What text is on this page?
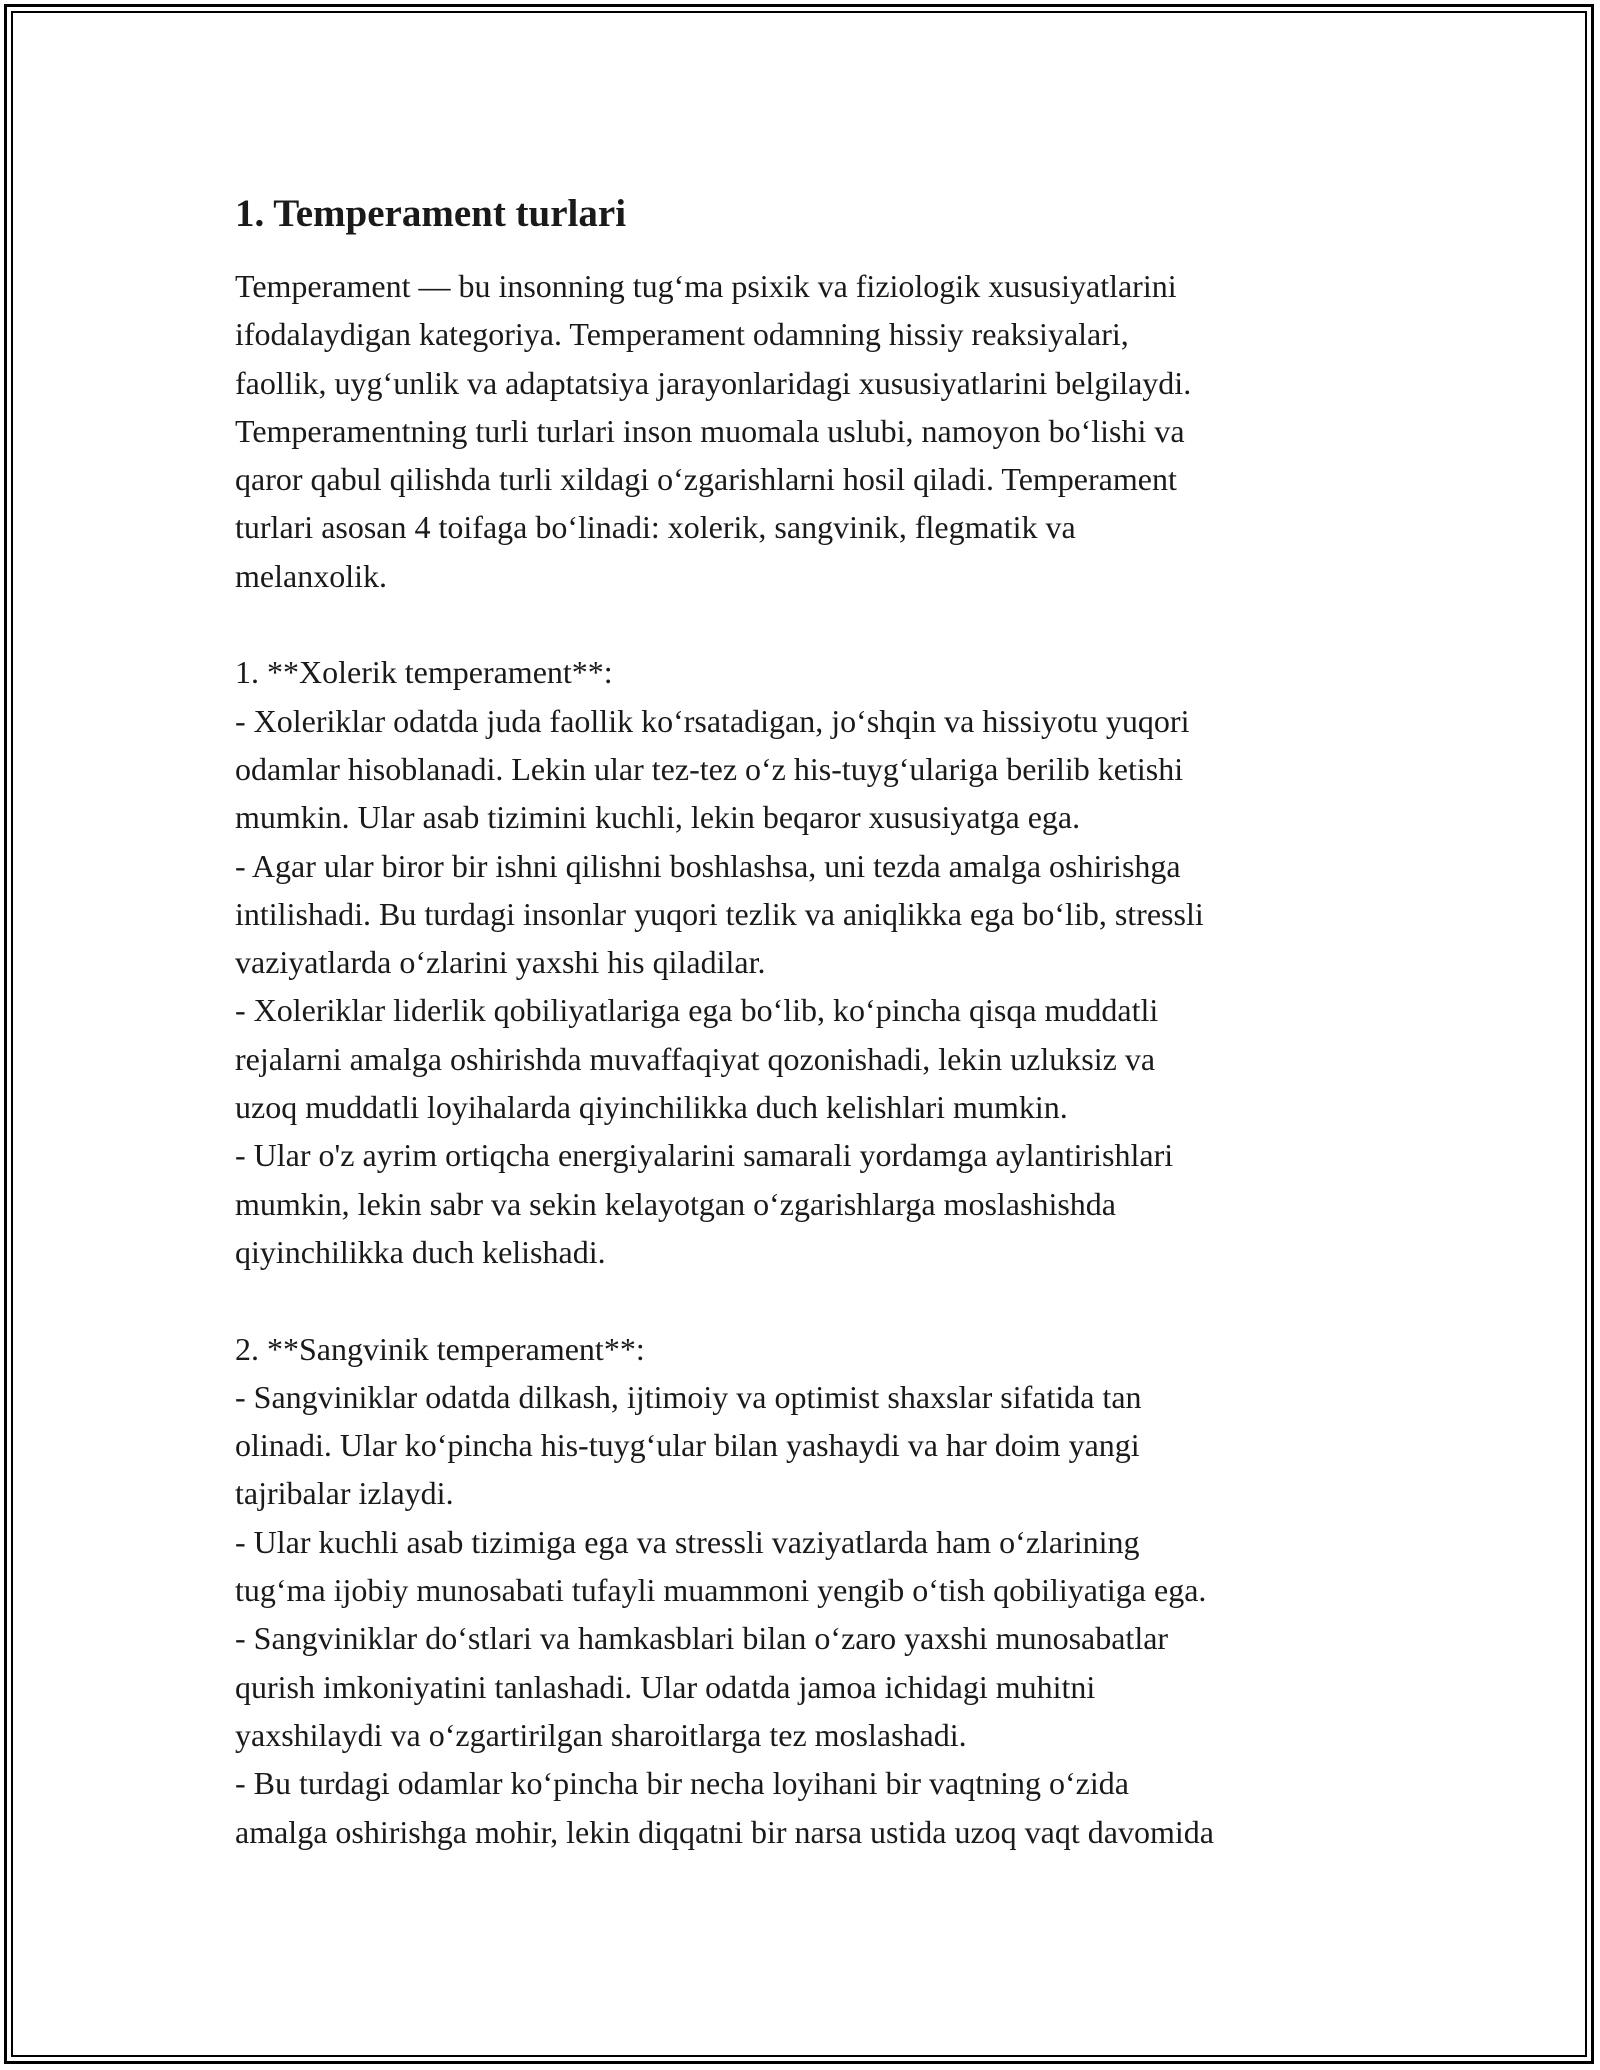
1. Temperament turlari
Temperament — bu insonning tug‘ma psixik va fiziologik xususiyatlarini
ifodalaydigan kategoriya. Temperament odamning hissiy reaksiyalari,
faollik, uyg‘unlik va adaptatsiya jarayonlaridagi xususiyatlarini belgilaydi.
Temperamentning turli turlari inson muomala uslubi, namoyon bo‘lishi va
qaror qabul qilishda turli xildagi o‘zgarishlarni hosil qiladi. Temperament
turlari asosan 4 toifaga bo‘linadi: xolerik, sangvinik, flegmatik va
melanxolik.

1. **Xolerik temperament**:
- Xoleriklar odatda juda faollik ko‘rsatadigan, jo‘shqin va hissiyotu yuqori
odamlar hisoblanadi. Lekin ular tez-tez o‘z his-tuyg‘ulariga berilib ketishi
mumkin. Ular asab tizimini kuchli, lekin beqaror xususiyatga ega.
- Agar ular biror bir ishni qilishni boshlashsa, uni tezda amalga oshirishga
intilishadi. Bu turdagi insonlar yuqori tezlik va aniqlikka ega bo‘lib, stressli
vaziyatlarda o‘zlarini yaxshi his qiladilar.
- Xoleriklar liderlik qobiliyatlariga ega bo‘lib, ko‘pincha qisqa muddatli
rejalarni amalga oshirishda muvaffaqiyat qozonishadi, lekin uzluksiz va
uzoq muddatli loyihalarda qiyinchilikka duch kelishlari mumkin.
- Ular o'z ayrim ortiqcha energiyalarini samarali yordamga aylantirishlari
mumkin, lekin sabr va sekin kelayotgan o‘zgarishlarga moslashishda
qiyinchilikka duch kelishadi.

2. **Sangvinik temperament**:
- Sangviniklar odatda dilkash, ijtimoiy va optimist shaxslar sifatida tan
olinadi. Ular ko‘pincha his-tuyg‘ular bilan yashaydi va har doim yangi
tajribalar izlaydi.
- Ular kuchli asab tizimiga ega va stressli vaziyatlarda ham o‘zlarining
tug‘ma ijobiy munosabati tufayli muammoni yengib o‘tish qobiliyatiga ega.
- Sangviniklar do‘stlari va hamkasblari bilan o‘zaro yaxshi munosabatlar
qurish imkoniyatini tanlashadi. Ular odatda jamoa ichidagi muhitni
yaxshilaydi va o‘zgartirilgan sharoitlarga tez moslashadi.
- Bu turdagi odamlar ko‘pincha bir necha loyihani bir vaqtning o‘zida
amalga oshirishga mohir, lekin diqqatni bir narsa ustida uzoq vaqt davomida
